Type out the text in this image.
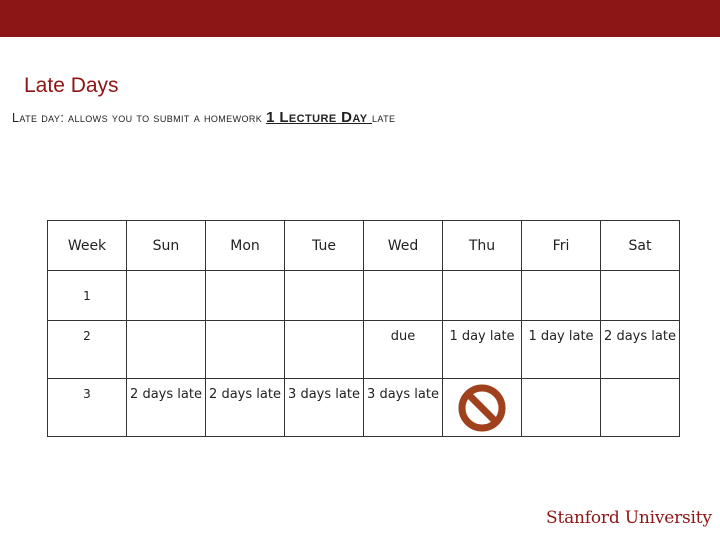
Late Days
Late day: allows you to submit a homework 1 Lecture Day late
Week	Sun	Mon	Tue	Wed	Thu	Fri	Sat
1							
2				due	1 day late	1 day late	2 days late
3	2 days late	2 days late	3 days late	3 days late	

Stanford University
